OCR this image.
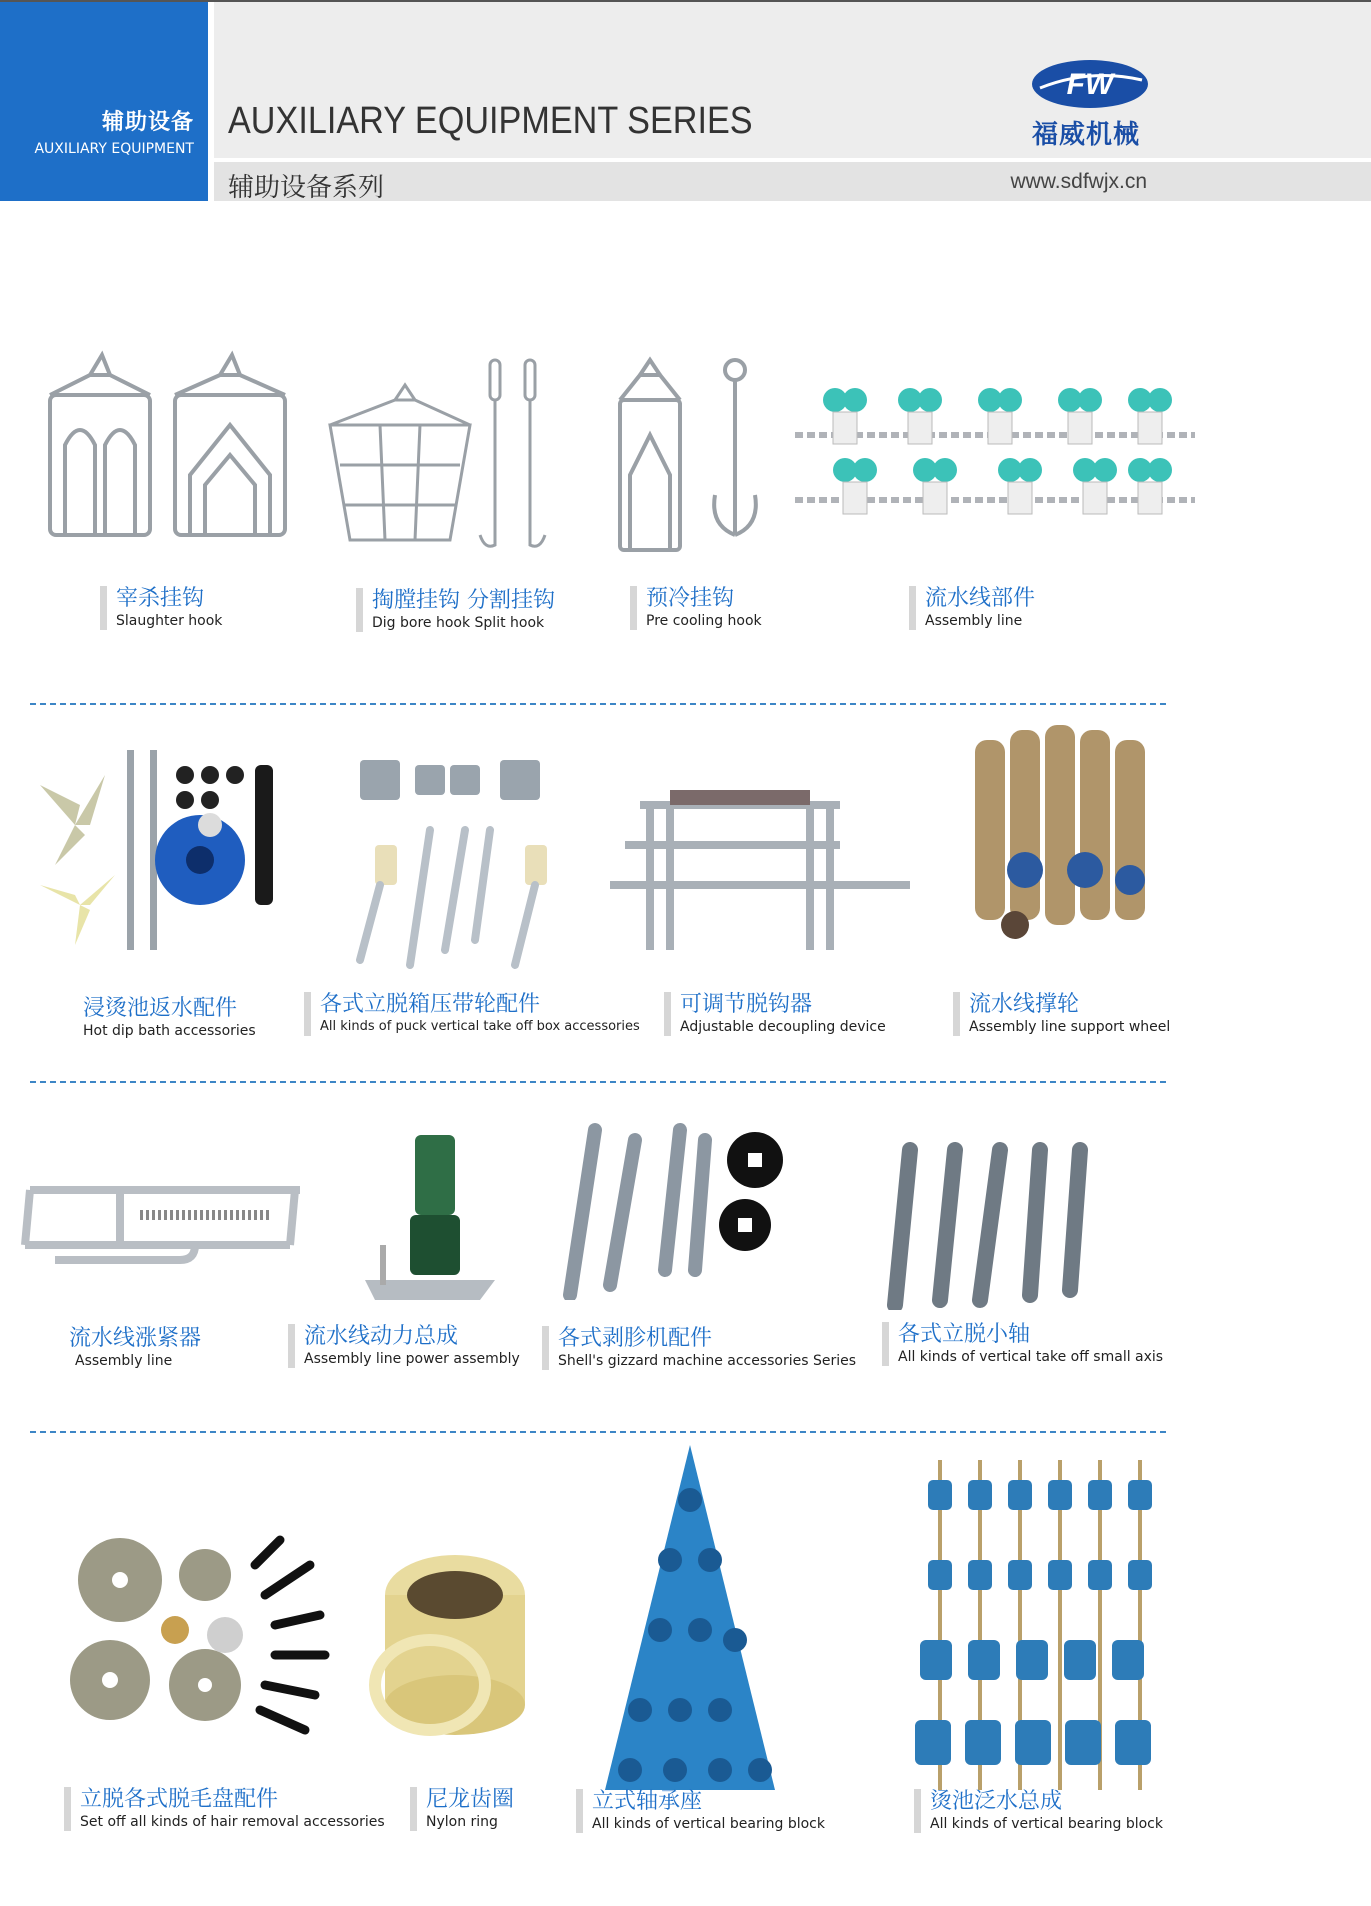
辅助设备
AUXILIARY EQUIPMENT
AUXILIARY EQUIPMENT SERIES
辅助设备系列	www.sdfwjx.cn
FW
福威机械
宰杀挂钩
Slaughter hook
掏膛挂钩 分割挂钩
Dig bore hook Split hook
预冷挂钩
Pre cooling hook
流水线部件
Assembly line
浸烫池返水配件
Hot dip bath accessories
各式立脱箱压带轮配件
All kinds of puck vertical take off box accessories
可调节脱钩器
Adjustable decoupling device
流水线撑轮
Assembly line support wheel
流水线涨紧器
Assembly line
流水线动力总成
Assembly line power assembly
各式剥胗机配件
Shell's gizzard machine accessories Series
各式立脱小轴
All kinds of vertical take off small axis
立脱各式脱毛盘配件
Set off all kinds of hair removal accessories
尼龙齿圈
Nylon ring
立式轴承座
All kinds of vertical bearing block
烫池泛水总成
All kinds of vertical bearing block
